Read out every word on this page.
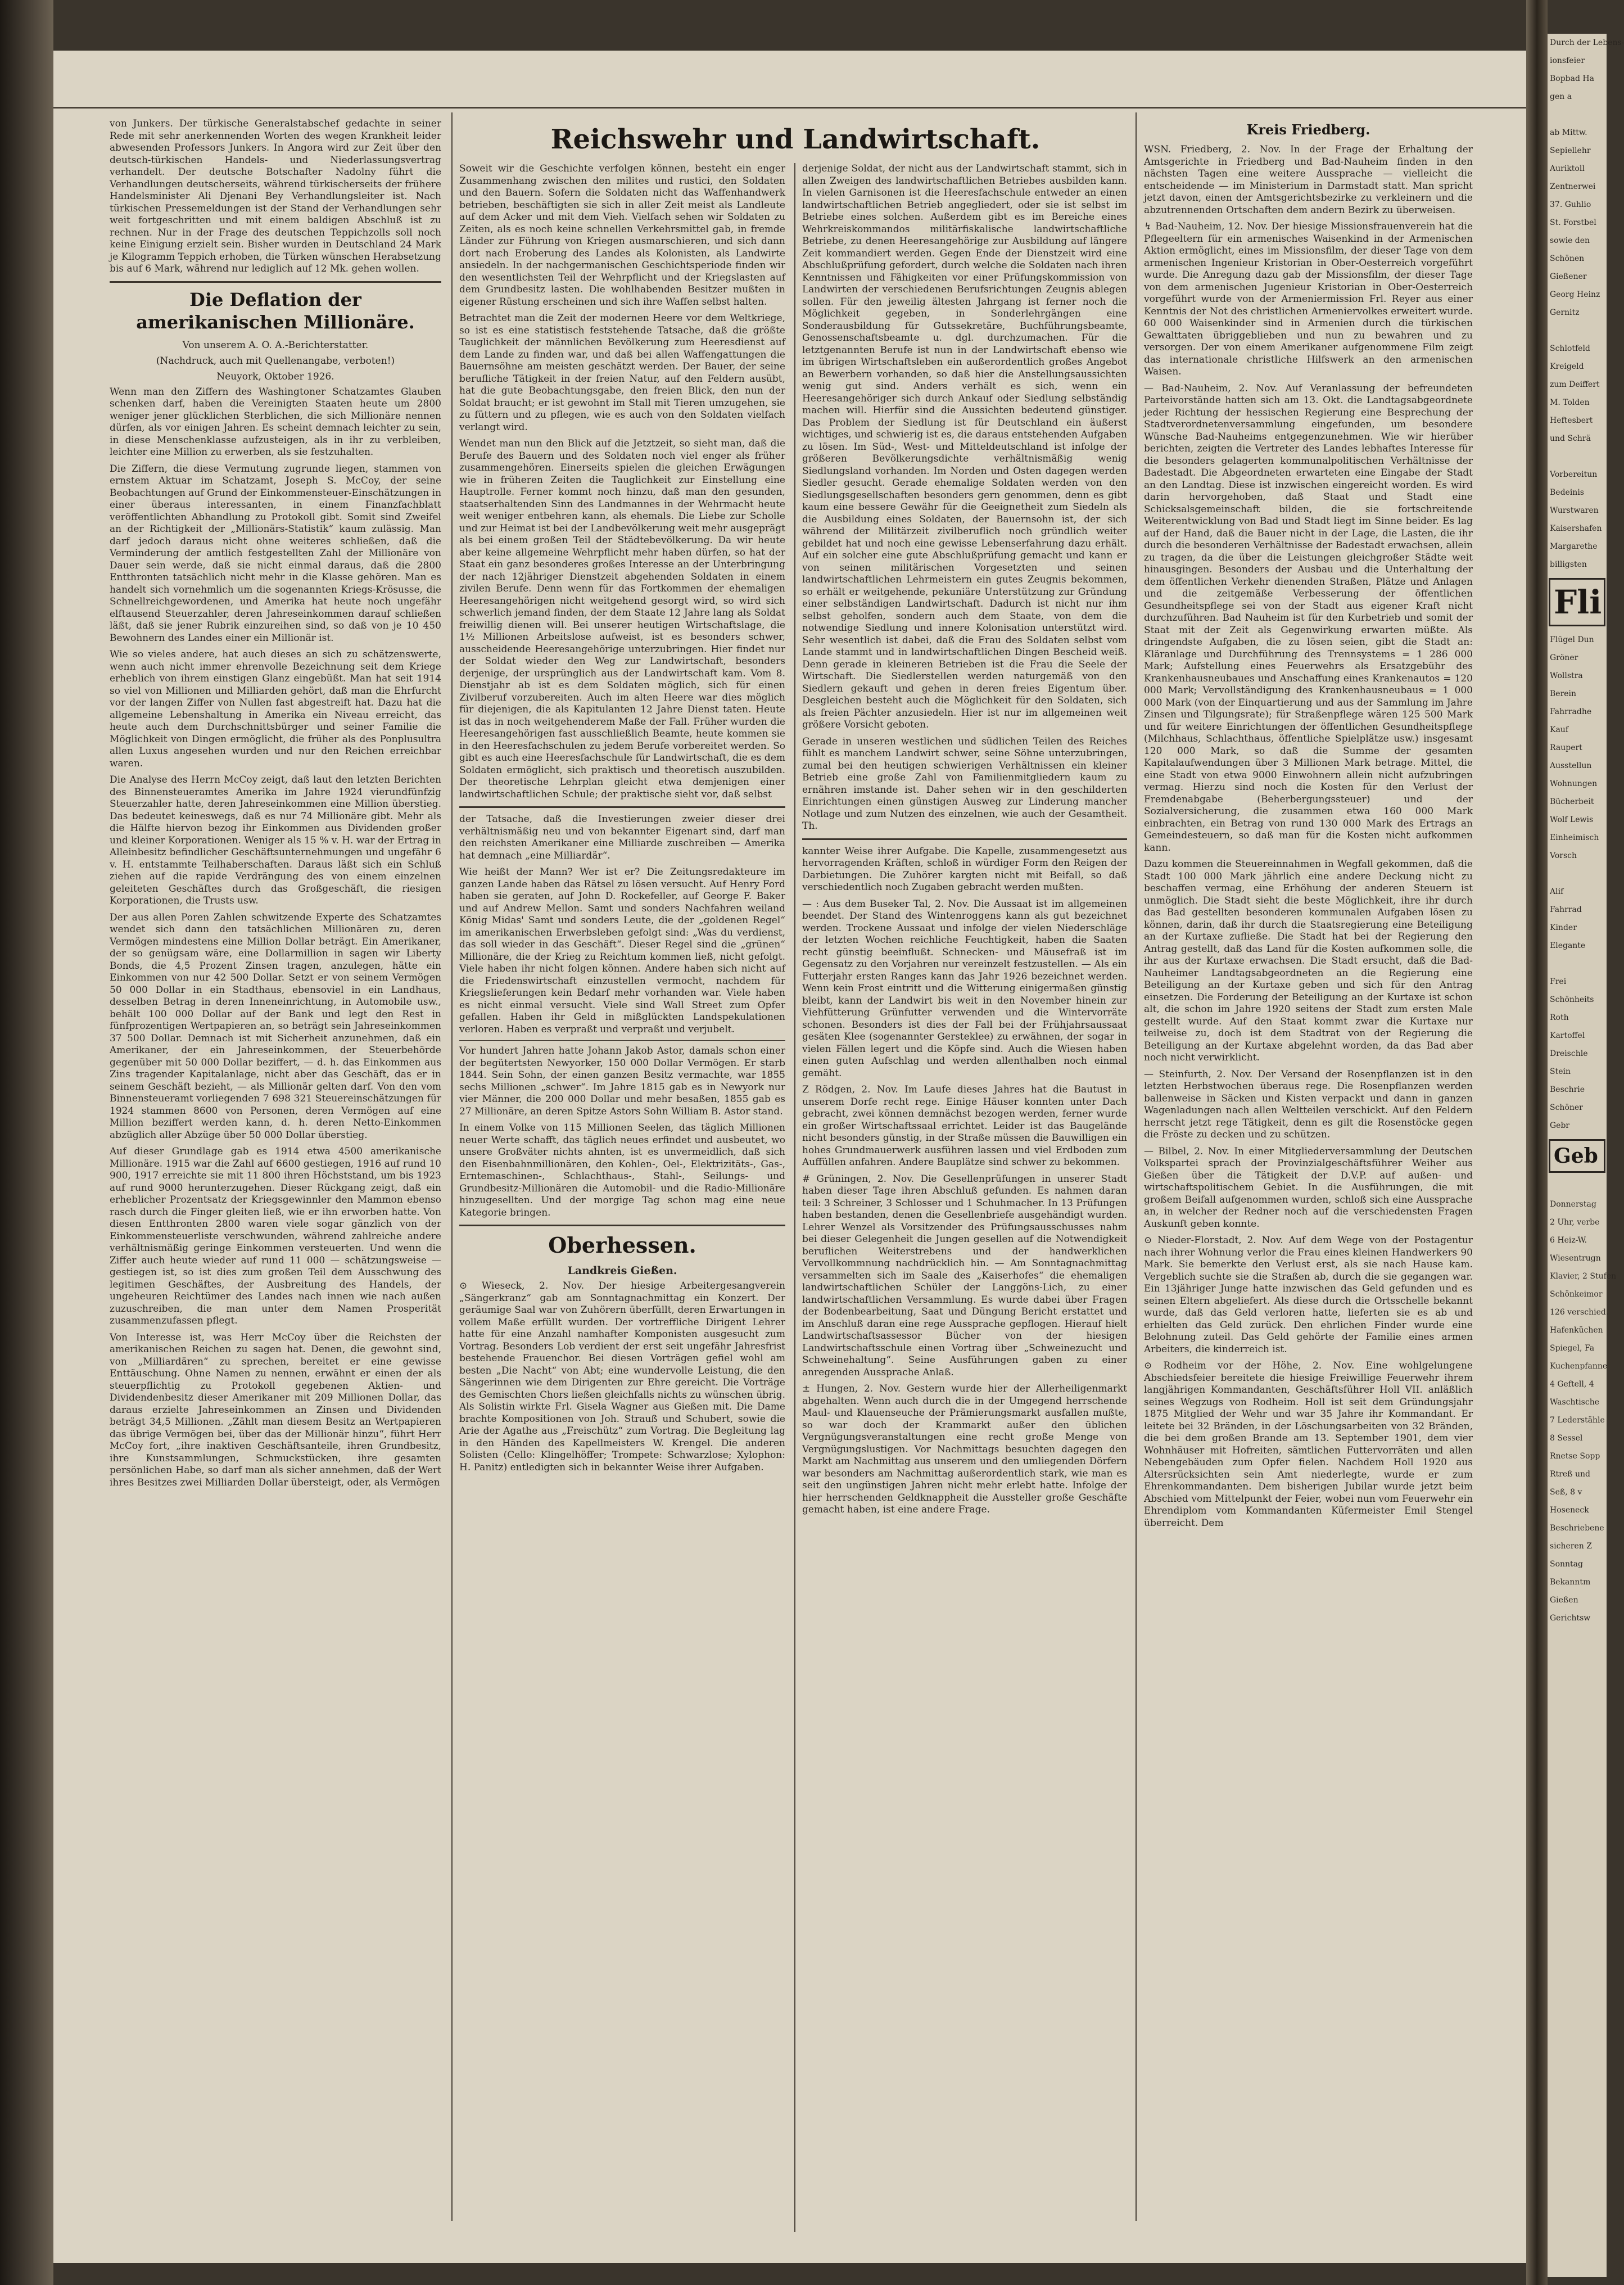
von Junkers. Der türkische Generalstabschef gedachte in seiner Rede mit sehr anerkennenden Worten des wegen Krankheit leider abwesenden Professors Junkers. In Angora wird zur Zeit über den deutsch-türkischen Handels- und Niederlassungsvertrag verhandelt. Der deutsche Botschafter Nadolny führt die Verhandlungen deutscherseits, während türkischerseits der frühere Handelsminister Ali Djenani Bey Verhandlungsleiter ist. Nach türkischen Pressemeldungen ist der Stand der Verhandlungen sehr weit fortgeschritten und mit einem baldigen Abschluß ist zu rechnen. Nur in der Frage des deutschen Teppichzolls soll noch keine Einigung erzielt sein. Bisher wurden in Deutschland 24 Mark je Kilogramm Teppich erhoben, die Türken wünschen Herabsetzung bis auf 6 Mark, während nur lediglich auf 12 Mk. gehen wollen.

Die Deflation der amerikanischen Millionäre.
Von unserem A. O. A.-Berichterstatter.
(Nachdruck, auch mit Quellenangabe, verboten!)
Neuyork, Oktober 1926.

Wenn man den Ziffern des Washingtoner Schatzamtes Glauben schenken darf, haben die Vereinigten Staaten heute um 2800 weniger jener glücklichen Sterblichen, die sich Millionäre nennen dürfen, als vor einigen Jahren. Es scheint demnach leichter zu sein, in diese Menschenklasse aufzusteigen, als in ihr zu verbleiben, leichter eine Million zu erwerben, als sie festzuhalten.

Die Ziffern, die diese Vermutung zugrunde liegen, stammen von ernstem Aktuar im Schatzamt, Joseph S. McCoy, der seine Beobachtungen auf Grund der Einkommensteuer-Einschätzungen in einer überaus interessanten, in einem Finanzfachblatt veröffentlichten Abhandlung zu Protokoll gibt. Somit sind Zweifel an der Richtigkeit der „Millionärs-Statistik“ kaum zulässig. Man darf jedoch daraus nicht ohne weiteres schließen, daß die Verminderung der amtlich festgestellten Zahl der Millionäre von Dauer sein werde, daß sie nicht einmal daraus, daß die 2800 Entthronten tatsächlich nicht mehr in die Klasse gehören. Man es handelt sich vornehmlich um die sogenannten Kriegs-Krösusse, die Schnellreichgewordenen, und Amerika hat heute noch ungefähr elftausend Steuerzahler, deren Jahreseinkommen darauf schließen läßt, daß sie jener Rubrik einzureihen sind, so daß von je 10 450 Bewohnern des Landes einer ein Millionär ist.

Wie so vieles andere, hat auch dieses an sich zu schätzenswerte, wenn auch nicht immer ehrenvolle Bezeichnung seit dem Kriege erheblich von ihrem einstigen Glanz eingebüßt. Man hat seit 1914 so viel von Millionen und Milliarden gehört, daß man die Ehrfurcht vor der langen Ziffer von Nullen fast abgestreift hat. Dazu hat die allgemeine Lebenshaltung in Amerika ein Niveau erreicht, das heute auch dem Durchschnittsbürger und seiner Familie die Möglichkeit von Dingen ermöglicht, die früher als des Ponplusultra allen Luxus angesehen wurden und nur den Reichen erreichbar waren.

Die Analyse des Herrn McCoy zeigt, daß laut den letzten Berichten des Binnensteueramtes Amerika im Jahre 1924 vierundfünfzig Steuerzahler hatte, deren Jahreseinkommen eine Million überstieg. Das bedeutet keineswegs, daß es nur 74 Millionäre gibt. Mehr als die Hälfte hiervon bezog ihr Einkommen aus Dividenden großer und kleiner Korporationen. Weniger als 15 % v. H. war der Ertrag in Alleinbesitz befindlicher Geschäftsunternehmungen und ungefähr 6 v. H. entstammte Teilhaberschaften. Daraus läßt sich ein Schluß ziehen auf die rapide Verdrängung des von einem einzelnen geleiteten Geschäftes durch das Großgeschäft, die riesigen Korporationen, die Trusts usw.

Der aus allen Poren Zahlen schwitzende Experte des Schatzamtes wendet sich dann den tatsächlichen Millionären zu, deren Vermögen mindestens eine Million Dollar beträgt. Ein Amerikaner, der so genügsam wäre, eine Dollarmillion in sagen wir Liberty Bonds, die 4,5 Prozent Zinsen tragen, anzulegen, hätte ein Einkommen von nur 42 500 Dollar. Setzt er von seinem Vermögen 50 000 Dollar in ein Stadthaus, ebensoviel in ein Landhaus, desselben Betrag in deren Inneneinrichtung, in Automobile usw., behält 100 000 Dollar auf der Bank und legt den Rest in fünfprozentigen Wertpapieren an, so beträgt sein Jahreseinkommen 37 500 Dollar. Demnach ist mit Sicherheit anzunehmen, daß ein Amerikaner, der ein Jahreseinkommen, der Steuerbehörde gegenüber mit 50 000 Dollar beziffert, — d. h. das Einkommen aus Zins tragender Kapitalanlage, nicht aber das Geschäft, das er in seinem Geschäft bezieht, — als Millionär gelten darf. Von den vom Binnensteueramt vorliegenden 7 698 321 Steuereinschätzungen für 1924 stammen 8600 von Personen, deren Vermögen auf eine Million beziffert werden kann, d. h. deren Netto-Einkommen abzüglich aller Abzüge über 50 000 Dollar überstieg.

Auf dieser Grundlage gab es 1914 etwa 4500 amerikanische Millionäre. 1915 war die Zahl auf 6600 gestiegen, 1916 auf rund 10 900, 1917 erreichte sie mit 11 800 ihren Höchststand, um bis 1923 auf rund 9000 herunterzugehen. Dieser Rückgang zeigt, daß ein erheblicher Prozentsatz der Kriegsgewinnler den Mammon ebenso rasch durch die Finger gleiten ließ, wie er ihn erworben hatte. Von diesen Entthronten 2800 waren viele sogar gänzlich von der Einkommensteuerliste verschwunden, während zahlreiche andere verhältnismäßig geringe Einkommen versteuerten. Und wenn die Ziffer auch heute wieder auf rund 11 000 — schätzungsweise — gestiegen ist, so ist dies zum großen Teil dem Ausschwung des legitimen Geschäftes, der Ausbreitung des Handels, der ungeheuren Reichtümer des Landes nach innen wie nach außen zuzuschreiben, die man unter dem Namen Prosperität zusammenzufassen pflegt.

Von Interesse ist, was Herr McCoy über die Reichsten der amerikanischen Reichen zu sagen hat. Denen, die gewohnt sind, von „Milliardären“ zu sprechen, bereitet er eine gewisse Enttäuschung. Ohne Namen zu nennen, erwähnt er einen der als steuerpflichtig zu Protokoll gegebenen Aktien- und Dividendenbesitz dieser Amerikaner mit 209 Millionen Dollar, das daraus erzielte Jahreseinkommen an Zinsen und Dividenden beträgt 34,5 Millionen. „Zählt man diesem Besitz an Wertpapieren das übrige Vermögen bei, über das der Millionär hinzu“, führt Herr McCoy fort, „ihre inaktiven Geschäftsanteile, ihren Grundbesitz, ihre Kunstsammlungen, Schmuckstücken, ihre gesamten persönlichen Habe, so darf man als sicher annehmen, daß der Wert ihres Besitzes zwei Milliarden Dollar übersteigt, oder, als Vermögen

Reichswehr und Landwirtschaft.

Soweit wir die Geschichte verfolgen können, besteht ein enger Zusammenhang zwischen den milites und rustici, den Soldaten und den Bauern. Sofern die Soldaten nicht das Waffenhandwerk betrieben, beschäftigten sie sich in aller Zeit meist als Landleute auf dem Acker und mit dem Vieh. Vielfach sehen wir Soldaten zu Zeiten, als es noch keine schnellen Verkehrsmittel gab, in fremde Länder zur Führung von Kriegen ausmarschieren, und sich dann dort nach Eroberung des Landes als Kolonisten, als Landwirte ansiedeln. In der nachgermanischen Geschichtsperiode finden wir den wesentlichsten Teil der Wehrpflicht und der Kriegslasten auf dem Grundbesitz lasten. Die wohlhabenden Besitzer mußten in eigener Rüstung erscheinen und sich ihre Waffen selbst halten.

Betrachtet man die Zeit der modernen Heere vor dem Weltkriege, so ist es eine statistisch feststehende Tatsache, daß die größte Tauglichkeit der männlichen Bevölkerung zum Heeresdienst auf dem Lande zu finden war, und daß bei allen Waffengattungen die Bauernsöhne am meisten geschätzt werden. Der Bauer, der seine berufliche Tätigkeit in der freien Natur, auf den Feldern ausübt, hat die gute Beobachtungsgabe, den freien Blick, den nun der Soldat braucht; er ist gewohnt im Stall mit Tieren umzugehen, sie zu füttern und zu pflegen, wie es auch von den Soldaten vielfach verlangt wird.

Wendet man nun den Blick auf die Jetztzeit, so sieht man, daß die Berufe des Bauern und des Soldaten noch viel enger als früher zusammengehören. Einerseits spielen die gleichen Erwägungen wie in früheren Zeiten die Tauglichkeit zur Einstellung eine Hauptrolle. Ferner kommt noch hinzu, daß man den gesunden, staatserhaltenden Sinn des Landmannes in der Wehrmacht heute weit weniger entbehren kann, als ehemals. Die Liebe zur Scholle und zur Heimat ist bei der Landbevölkerung weit mehr ausgeprägt als bei einem großen Teil der Städtebevölkerung. Da wir heute aber keine allgemeine Wehrpflicht mehr haben dürfen, so hat der Staat ein ganz besonderes großes Interesse an der Unterbringung der nach 12jähriger Dienstzeit abgehenden Soldaten in einem zivilen Berufe. Denn wenn für das Fortkommen der ehemaligen Heeresangehörigen nicht weitgehend gesorgt wird, so wird sich schwerlich jemand finden, der dem Staate 12 Jahre lang als Soldat freiwillig dienen will. Bei unserer heutigen Wirtschaftslage, die 1½ Millionen Arbeitslose aufweist, ist es besonders schwer, ausscheidende Heeresangehörige unterzubringen. Hier findet nur der Soldat wieder den Weg zur Landwirtschaft, besonders derjenige, der ursprünglich aus der Landwirtschaft kam. Vom 8. Dienstjahr ab ist es dem Soldaten möglich, sich für einen Zivilberuf vorzubereiten. Auch im alten Heere war dies möglich für diejenigen, die als Kapitulanten 12 Jahre Dienst taten. Heute ist das in noch weitgehenderem Maße der Fall. Früher wurden die Heeresangehörigen fast ausschließlich Beamte, heute kommen sie in den Heeresfachschulen zu jedem Berufe vorbereitet werden. So gibt es auch eine Heeresfachschule für Landwirtschaft, die es dem Soldaten ermöglicht, sich praktisch und theoretisch auszubilden. Der theoretische Lehrplan gleicht etwa demjenigen einer landwirtschaftlichen Schule; der praktische sieht vor, daß selbst

der Tatsache, daß die Investierungen zweier dieser drei verhältnismäßig neu und von bekannter Eigenart sind, darf man den reichsten Amerikaner eine Milliarde zuschreiben — Amerika hat demnach „eine Milliardär“.

Wie heißt der Mann? Wer ist er? Die Zeitungsredakteure im ganzen Lande haben das Rätsel zu lösen versucht. Auf Henry Ford haben sie geraten, auf John D. Rockefeller, auf George F. Baker und auf Andrew Mellon. Samt und sonders Nachfahren weiland König Midas' Samt und sonders Leute, die der „goldenen Regel“ im amerikanischen Erwerbsleben gefolgt sind: „Was du verdienst, das soll wieder in das Geschäft“. Dieser Regel sind die „grünen“ Millionäre, die der Krieg zu Reichtum kommen ließ, nicht gefolgt. Viele haben ihr nicht folgen können. Andere haben sich nicht auf die Friedenswirtschaft einzustellen vermocht, nachdem für Kriegslieferungen kein Bedarf mehr vorhanden war. Viele haben es nicht einmal versucht. Viele sind Wall Street zum Opfer gefallen. Haben ihr Geld in mißglückten Landspekulationen verloren. Haben es verpraßt und verpraßt und verjubelt.

Vor hundert Jahren hatte Johann Jakob Astor, damals schon einer der begütertsten Newyorker, 150 000 Dollar Vermögen. Er starb 1844. Sein Sohn, der einen ganzen Besitz vermachte, war 1855 sechs Millionen „schwer“. Im Jahre 1815 gab es in Newyork nur vier Männer, die 200 000 Dollar und mehr besaßen, 1855 gab es 27 Millionäre, an deren Spitze Astors Sohn William B. Astor stand.

In einem Volke von 115 Millionen Seelen, das täglich Millionen neuer Werte schafft, das täglich neues erfindet und ausbeutet, wo unsere Großväter nichts ahnten, ist es unvermeidlich, daß sich den Eisenbahnmillionären, den Kohlen-, Oel-, Elektrizitäts-, Gas-, Erntemaschinen-, Schlachthaus-, Stahl-, Seilungs- und Grundbesitz-Millionären die Automobil- und die Radio-Millionäre hinzugesellten. Und der morgige Tag schon mag eine neue Kategorie bringen.

Oberhessen.
Landkreis Gießen.

⊙ Wieseck, 2. Nov. Der hiesige Arbeitergesangverein „Sängerkranz“ gab am Sonntagnachmittag ein Konzert. Der geräumige Saal war von Zuhörern überfüllt, deren Erwartungen in vollem Maße erfüllt wurden. Der vortreffliche Dirigent Lehrer hatte für eine Anzahl namhafter Komponisten ausgesucht zum Vortrag. Besonders Lob verdient der erst seit ungefähr Jahresfrist bestehende Frauenchor. Bei diesen Vorträgen gefiel wohl am besten „Die Nacht“ von Abt; eine wundervolle Leistung, die den Sängerinnen wie dem Dirigenten zur Ehre gereicht. Die Vorträge des Gemischten Chors ließen gleichfalls nichts zu wünschen übrig. Als Solistin wirkte Frl. Gisela Wagner aus Gießen mit. Die Dame brachte Kompositionen von Joh. Strauß und Schubert, sowie die Arie der Agathe aus „Freischütz“ zum Vortrag. Die Begleitung lag in den Händen des Kapellmeisters W. Krengel. Die anderen Solisten (Cello: Klingelhöffer; Trompete: Schwarzlose; Xylophon: H. Panitz) entledigten sich in bekannter Weise ihrer Aufgaben.

derjenige Soldat, der nicht aus der Landwirtschaft stammt, sich in allen Zweigen des landwirtschaftlichen Betriebes ausbilden kann. In vielen Garnisonen ist die Heeresfachschule entweder an einen landwirtschaftlichen Betrieb angegliedert, oder sie ist selbst im Betriebe eines solchen. Außerdem gibt es im Bereiche eines Wehrkreiskommandos militärfiskalische landwirtschaftliche Betriebe, zu denen Heeresangehörige zur Ausbildung auf längere Zeit kommandiert werden. Gegen Ende der Dienstzeit wird eine Abschlußprüfung gefordert, durch welche die Soldaten nach ihren Kenntnissen und Fähigkeiten vor einer Prüfungskommission von Landwirten der verschiedenen Berufsrichtungen Zeugnis ablegen sollen. Für den jeweilig ältesten Jahrgang ist ferner noch die Möglichkeit gegeben, in Sonderlehrgängen eine Sonderausbildung für Gutssekretäre, Buchführungsbeamte, Genossenschaftsbeamte u. dgl. durchzumachen. Für die letztgenannten Berufe ist nun in der Landwirtschaft ebenso wie im übrigen Wirtschaftsleben ein außerordentlich großes Angebot an Bewerbern vorhanden, so daß hier die Anstellungsaussichten wenig gut sind. Anders verhält es sich, wenn ein Heeresangehöriger sich durch Ankauf oder Siedlung selbständig machen will. Hierfür sind die Aussichten bedeutend günstiger. Das Problem der Siedlung ist für Deutschland ein äußerst wichtiges, und schwierig ist es, die daraus entstehenden Aufgaben zu lösen. Im Süd-, West- und Mitteldeutschland ist infolge der größeren Bevölkerungsdichte verhältnismäßig wenig Siedlungsland vorhanden. Im Norden und Osten dagegen werden Siedler gesucht. Gerade ehemalige Soldaten werden von den Siedlungsgesellschaften besonders gern genommen, denn es gibt kaum eine bessere Gewähr für die Geeignetheit zum Siedeln als die Ausbildung eines Soldaten, der Bauernsohn ist, der sich während der Militärzeit zivilberuflich noch gründlich weiter gebildet hat und noch eine gewisse Lebenserfahrung dazu erhält. Auf ein solcher eine gute Abschlußprüfung gemacht und kann er von seinen militärischen Vorgesetzten und seinen landwirtschaftlichen Lehrmeistern ein gutes Zeugnis bekommen, so erhält er weitgehende, pekuniäre Unterstützung zur Gründung einer selbständigen Landwirtschaft. Dadurch ist nicht nur ihm selbst geholfen, sondern auch dem Staate, von dem die notwendige Siedlung und innere Kolonisation unterstützt wird. Sehr wesentlich ist dabei, daß die Frau des Soldaten selbst vom Lande stammt und in landwirtschaftlichen Dingen Bescheid weiß. Denn gerade in kleineren Betrieben ist die Frau die Seele der Wirtschaft. Die Siedlerstellen werden naturgemäß von den Siedlern gekauft und gehen in deren freies Eigentum über. Desgleichen besteht auch die Möglichkeit für den Soldaten, sich als freien Pächter anzusiedeln. Hier ist nur im allgemeinen weit größere Vorsicht geboten.

Gerade in unseren westlichen und südlichen Teilen des Reiches fühlt es manchem Landwirt schwer, seine Söhne unterzubringen, zumal bei den heutigen schwierigen Verhältnissen ein kleiner Betrieb eine große Zahl von Familienmitgliedern kaum zu ernähren imstande ist. Daher sehen wir in den geschilderten Einrichtungen einen günstigen Ausweg zur Linderung mancher Notlage und zum Nutzen des einzelnen, wie auch der Gesamtheit. Th.

kannter Weise ihrer Aufgabe. Die Kapelle, zusammengesetzt aus hervorragenden Kräften, schloß in würdiger Form den Reigen der Darbietungen. Die Zuhörer kargten nicht mit Beifall, so daß verschiedentlich noch Zugaben gebracht werden mußten.

— : Aus dem Buseker Tal, 2. Nov. Die Aussaat ist im allgemeinen beendet. Der Stand des Wintenroggens kann als gut bezeichnet werden. Trockene Aussaat und infolge der vielen Niederschläge der letzten Wochen reichliche Feuchtigkeit, haben die Saaten recht günstig beeinflußt. Schnecken- und Mäusefraß ist im Gegensatz zu den Vorjahren nur vereinzelt festzustellen. — Als ein Futterjahr ersten Ranges kann das Jahr 1926 bezeichnet werden. Wenn kein Frost eintritt und die Witterung einigermaßen günstig bleibt, kann der Landwirt bis weit in den November hinein zur Viehfütterung Grünfutter verwenden und die Wintervorräte schonen. Besonders ist dies der Fall bei der Frühjahrsaussaat gesäten Klee (sogenannter Gersteklee) zu erwähnen, der sogar in vielen Fällen legert und die Köpfe sind. Auch die Wiesen haben einen guten Aufschlag und werden allenthalben noch einmal gemäht.

Z Rödgen, 2. Nov. Im Laufe dieses Jahres hat die Bautust in unserem Dorfe recht rege. Einige Häuser konnten unter Dach gebracht, zwei können demnächst bezogen werden, ferner wurde ein großer Wirtschaftssaal errichtet. Leider ist das Baugelände nicht besonders günstig, in der Straße müssen die Bauwilligen ein hohes Grundmauerwerk ausführen lassen und viel Erdboden zum Auffüllen anfahren. Andere Bauplätze sind schwer zu bekommen.

# Grüningen, 2. Nov. Die Gesellenprüfungen in unserer Stadt haben dieser Tage ihren Abschluß gefunden. Es nahmen daran teil: 3 Schreiner, 3 Schlosser und 1 Schuhmacher. In 13 Prüfungen haben bestanden, denen die Gesellenbriefe ausgehändigt wurden. Lehrer Wenzel als Vorsitzender des Prüfungsausschusses nahm bei dieser Gelegenheit die Jungen gesellen auf die Notwendigkeit beruflichen Weiterstrebens und der handwerklichen Vervollkommnung nachdrücklich hin. — Am Sonntagnachmittag versammelten sich im Saale des „Kaiserhofes“ die ehemaligen landwirtschaftlichen Schüler der Langgöns-Lich, zu einer landwirtschaftlichen Versammlung. Es wurde dabei über Fragen der Bodenbearbeitung, Saat und Düngung Bericht erstattet und im Anschluß daran eine rege Aussprache gepflogen. Hierauf hielt Landwirtschaftsassessor Bücher von der hiesigen Landwirtschaftsschule einen Vortrag über „Schweinezucht und Schweinehaltung“. Seine Ausführungen gaben zu einer anregenden Aussprache Anlaß.

± Hungen, 2. Nov. Gestern wurde hier der Allerheiligenmarkt abgehalten. Wenn auch durch die in der Umgegend herrschende Maul- und Klauenseuche der Prämierungsmarkt ausfallen mußte, so war doch der Krammarkt außer den üblichen Vergnügungsveranstaltungen eine recht große Menge von Vergnügungslustigen. Vor Nachmittags besuchten dagegen den Markt am Nachmittag aus unserem und den umliegenden Dörfern war besonders am Nachmittag außerordentlich stark, wie man es seit den ungünstigen Jahren nicht mehr erlebt hatte. Infolge der hier herrschenden Geldknappheit die Aussteller große Geschäfte gemacht haben, ist eine andere Frage.

Kreis Friedberg.

WSN. Friedberg, 2. Nov. In der Frage der Erhaltung der Amtsgerichte in Friedberg und Bad-Nauheim finden in den nächsten Tagen eine weitere Aussprache — vielleicht die entscheidende — im Ministerium in Darmstadt statt. Man spricht jetzt davon, einen der Amtsgerichtsbezirke zu verkleinern und die abzutrennenden Ortschaften dem andern Bezirk zu überweisen.

↯ Bad-Nauheim, 12. Nov. Der hiesige Missionsfrauenverein hat die Pflegeeltern für ein armenisches Waisenkind in der Armenischen Aktion ermöglicht, eines im Missionsfilm, der dieser Tage von dem armenischen Ingenieur Kristorian in Ober-Oesterreich vorgeführt wurde. Die Anregung dazu gab der Missionsfilm, der dieser Tage von dem armenischen Jugenieur Kristorian in Ober-Oesterreich vorgeführt wurde von der Armeniermission Frl. Reyer aus einer Kenntnis der Not des christlichen Armeniervolkes erweitert wurde. 60 000 Waisenkinder sind in Armenien durch die türkischen Gewalttaten übriggeblieben und nun zu bewahren und zu versorgen. Der von einem Amerikaner aufgenommene Film zeigt das internationale christliche Hilfswerk an den armenischen Waisen.

— Bad-Nauheim, 2. Nov. Auf Veranlassung der befreundeten Parteivorstände hatten sich am 13. Okt. die Landtagsabgeordnete jeder Richtung der hessischen Regierung eine Besprechung der Stadtverordnetenversammlung eingefunden, um besondere Wünsche Bad-Nauheims entgegenzunehmen. Wie wir hierüber berichten, zeigten die Vertreter des Landes lebhaftes Interesse für die besonders gelagerten kommunalpolitischen Verhältnisse der Badestadt. Die Abgeordneten erwarteten eine Eingabe der Stadt an den Landtag. Diese ist inzwischen eingereicht worden. Es wird darin hervorgehoben, daß Staat und Stadt eine Schicksalsgemeinschaft bilden, die sie fortschreitende Weiterentwicklung von Bad und Stadt liegt im Sinne beider. Es lag auf der Hand, daß die Bauer nicht in der Lage, die Lasten, die ihr durch die besonderen Verhältnisse der Badestadt erwachsen, allein zu tragen, da die über die Leistungen gleichgroßer Städte weit hinausgingen. Besonders der Ausbau und die Unterhaltung der dem öffentlichen Verkehr dienenden Straßen, Plätze und Anlagen und die zeitgemäße Verbesserung der öffentlichen Gesundheitspflege sei von der Stadt aus eigener Kraft nicht durchzuführen. Bad Nauheim ist für den Kurbetrieb und somit der Staat mit der Zeit als Gegenwirkung erwarten müßte. Als dringendste Aufgaben, die zu lösen seien, gibt die Stadt an: Kläranlage und Durchführung des Trennsystems = 1 286 000 Mark; Aufstellung eines Feuerwehrs als Ersatzgebühr des Krankenhausneubaues und Anschaffung eines Krankenautos = 120 000 Mark; Vervollständigung des Krankenhausneubaus = 1 000 000 Mark (von der Einquartierung und aus der Sammlung im Jahre Zinsen und Tilgungsrate); für Straßenpflege wären 125 500 Mark und für weitere Einrichtungen der öffentlichen Gesundheitspflege (Milchhaus, Schlachthaus, öffentliche Spielplätze usw.) insgesamt 120 000 Mark, so daß die Summe der gesamten Kapitalaufwendungen über 3 Millionen Mark betrage. Mittel, die eine Stadt von etwa 9000 Einwohnern allein nicht aufzubringen vermag. Hierzu sind noch die Kosten für den Verlust der Fremdenabgabe (Beherbergungssteuer) und der Sozialversicherung, die zusammen etwa 160 000 Mark einbrachten, ein Betrag von rund 130 000 Mark des Ertrags an Gemeindesteuern, so daß man für die Kosten nicht aufkommen kann.

Dazu kommen die Steuereinnahmen in Wegfall gekommen, daß die Stadt 100 000 Mark jährlich eine andere Deckung nicht zu beschaffen vermag, eine Erhöhung der anderen Steuern ist unmöglich. Die Stadt sieht die beste Möglichkeit, ihre ihr durch das Bad gestellten besonderen kommunalen Aufgaben lösen zu können, darin, daß ihr durch die Staatsregierung eine Beteiligung an der Kurtaxe zufließe. Die Stadt hat bei der Regierung den Antrag gestellt, daß das Land für die Kosten aufkommen solle, die ihr aus der Kurtaxe erwachsen. Die Stadt ersucht, daß die Bad-Nauheimer Landtagsabgeordneten an die Regierung eine Beteiligung an der Kurtaxe geben und sich für den Antrag einsetzen. Die Forderung der Beteiligung an der Kurtaxe ist schon alt, die schon im Jahre 1920 seitens der Stadt zum ersten Male gestellt wurde. Auf den Staat kommt zwar die Kurtaxe nur teilweise zu, doch ist dem Stadtrat von der Regierung die Beteiligung an der Kurtaxe abgelehnt worden, da das Bad aber noch nicht verwirklicht.

— Steinfurth, 2. Nov. Der Versand der Rosenpflanzen ist in den letzten Herbstwochen überaus rege. Die Rosenpflanzen werden ballenweise in Säcken und Kisten verpackt und dann in ganzen Wagenladungen nach allen Weltteilen verschickt. Auf den Feldern herrscht jetzt rege Tätigkeit, denn es gilt die Rosenstöcke gegen die Fröste zu decken und zu schützen.

— Bilbel, 2. Nov. In einer Mitgliederversammlung der Deutschen Volkspartei sprach der Provinzialgeschäftsführer Weiher aus Gießen über die Tätigkeit der D.V.P. auf außen- und wirtschaftspolitischem Gebiet. In die Ausführungen, die mit großem Beifall aufgenommen wurden, schloß sich eine Aussprache an, in welcher der Redner noch auf die verschiedensten Fragen Auskunft geben konnte.

⊙ Nieder-Florstadt, 2. Nov. Auf dem Wege von der Postagentur nach ihrer Wohnung verlor die Frau eines kleinen Handwerkers 90 Mark. Sie bemerkte den Verlust erst, als sie nach Hause kam. Vergeblich suchte sie die Straßen ab, durch die sie gegangen war. Ein 13jähriger Junge hatte inzwischen das Geld gefunden und es seinen Eltern abgeliefert. Als diese durch die Ortsschelle bekannt wurde, daß das Geld verloren hatte, lieferten sie es ab und erhielten das Geld zurück. Den ehrlichen Finder wurde eine Belohnung zuteil. Das Geld gehörte der Familie eines armen Arbeiters, die kinderreich ist.

⊙ Rodheim vor der Höhe, 2. Nov. Eine wohlgelungene Abschiedsfeier bereitete die hiesige Freiwillige Feuerwehr ihrem langjährigen Kommandanten, Geschäftsführer Holl VII. anläßlich seines Wegzugs von Rodheim. Holl ist seit dem Gründungsjahr 1875 Mitglied der Wehr und war 35 Jahre ihr Kommandant. Er leitete bei 32 Bränden, in der Löschungsarbeiten von 32 Bränden, die bei dem großen Brande am 13. September 1901, dem vier Wohnhäuser mit Hofreiten, sämtlichen Futtervorräten und allen Nebengebäuden zum Opfer fielen. Nachdem Holl 1920 aus Altersrücksichten sein Amt niederlegte, wurde er zum Ehrenkommandanten. Dem bisherigen Jubilar wurde jetzt beim Abschied vom Mittelpunkt der Feier, wobei nun vom Feuerwehr ein Ehrendiplom vom Kommandanten Küfermeister Emil Stengel überreicht. Dem

Durch der Lebens-
ionsfeier
Bopbad Ha
gen a
ab Mittw.
Sepiellehr
Auriktoll
Zentnerwei
37. Guhlio
St. Forstbel
sowie den
Schönen
Gießener
Georg Heinz
Gernitz
Schlotfeld
Kreigeld
zum Deiffert
M. Tolden
Heftesbert
und Schrä
Vorbereitun
Bedeinis
Wurstwaren
Kaisershafen
Margarethe
billigsten
Fli
Flügel Dun
Gröner
Wollstra
Berein
Fahrradhe
Kauf
Raupert
Ausstellun
Wohnungen
Bücherbeit
Wolf Lewis
Einheimisch
Vorsch
Alif
Fahrrad
Kinder
Elegante
Frei
Schönheits
Roth
Kartoffel
Dreischle
Stein
Beschrie
Schöner
Gebr
Geb
Donnerstag
2 Uhr, verbe
6 Heiz-W.
Wiesentrugn
Klavier, 2 Stufen
Schönkeimor
126 verschied.
Hafenküchen
Spiegel, Fa
Kuchenpfanne
4 Geftell, 4
Waschtische
7 Lederstähle
8 Sessel
Rnetse Sopp
Rtreß und
Seß, 8 v
Hoseneck
Beschriebene
sicheren Z
Sonntag
Bekanntm
Gießen
Gerichtsw
